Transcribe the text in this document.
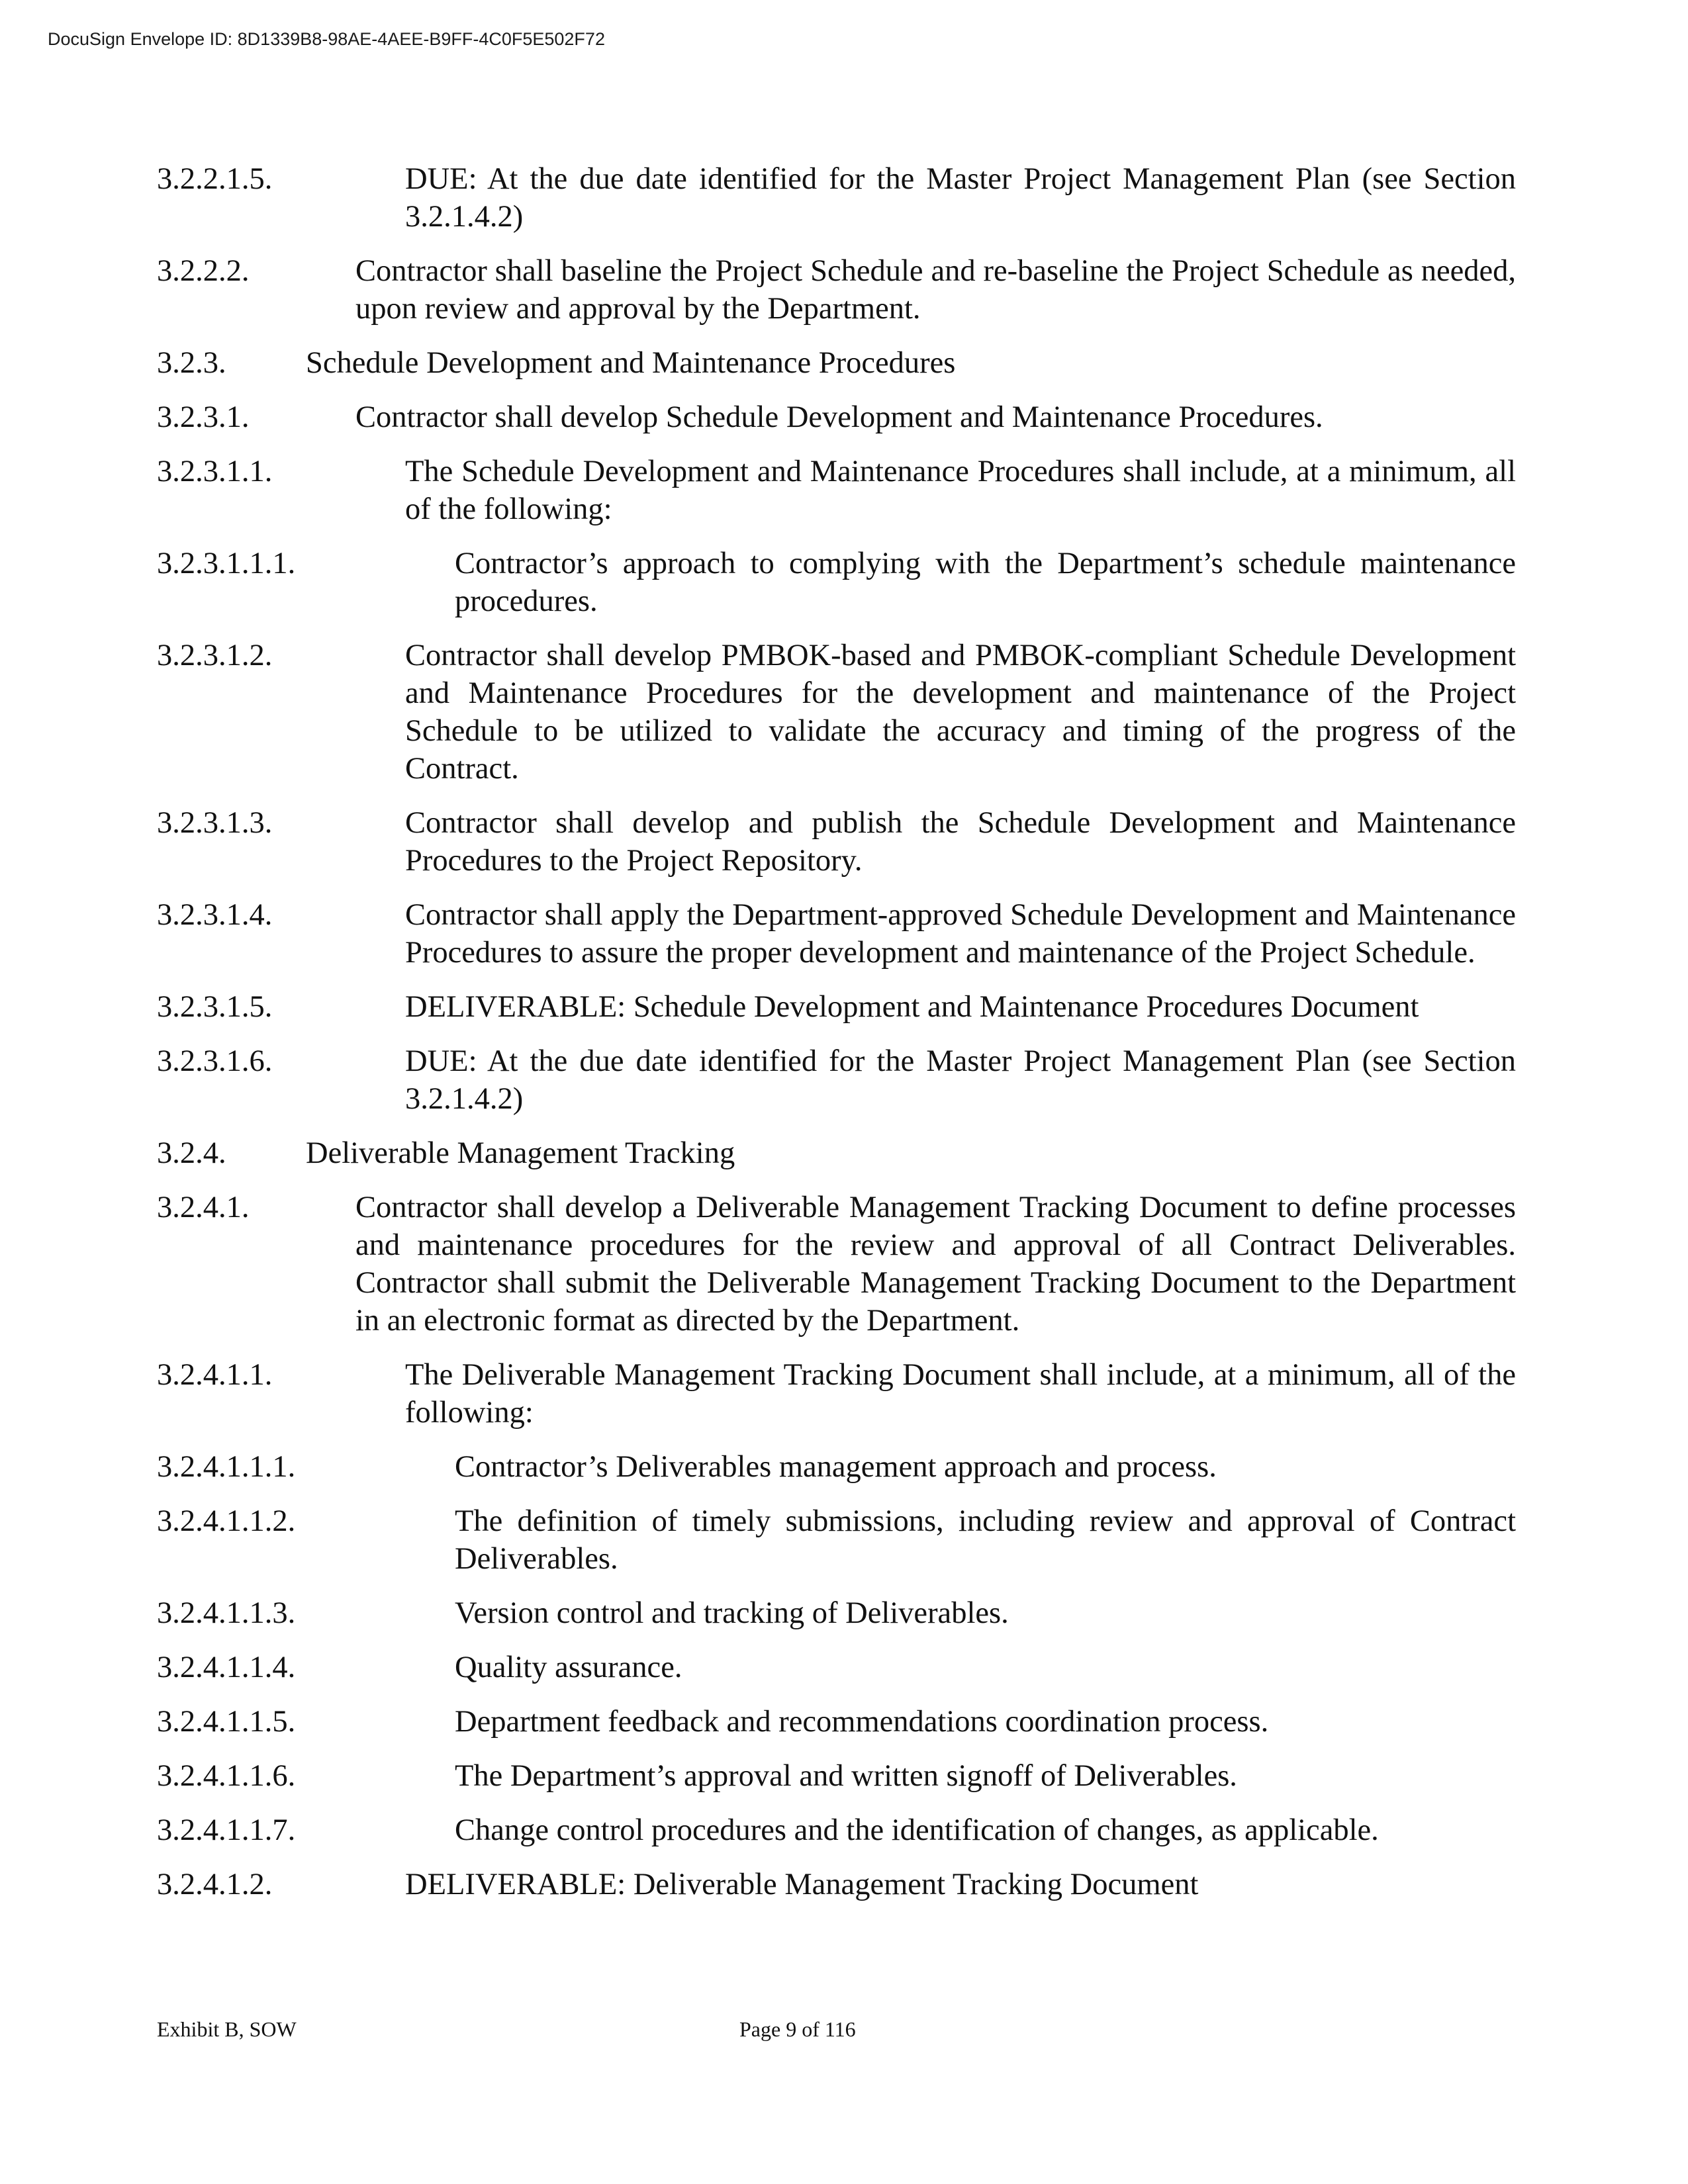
DocuSign Envelope ID: 8D1339B8-98AE-4AEE-B9FF-4C0F5E502F72
3.2.2.1.5.	DUE: At the due date identified for the Master Project Management Plan (see Section 3.2.1.4.2)
3.2.2.2.	Contractor shall baseline the Project Schedule and re-baseline the Project Schedule as needed, upon review and approval by the Department.
3.2.3.	Schedule Development and Maintenance Procedures
3.2.3.1.	Contractor shall develop Schedule Development and Maintenance Procedures.
3.2.3.1.1.	The Schedule Development and Maintenance Procedures shall include, at a minimum, all of the following:
3.2.3.1.1.1.	Contractor’s approach to complying with the Department’s schedule maintenance procedures.
3.2.3.1.2.	Contractor shall develop PMBOK-based and PMBOK-compliant Schedule Development and Maintenance Procedures for the development and maintenance of the Project Schedule to be utilized to validate the accuracy and timing of the progress of the Contract.
3.2.3.1.3.	Contractor shall develop and publish the Schedule Development and Maintenance Procedures to the Project Repository.
3.2.3.1.4.	Contractor shall apply the Department-approved Schedule Development and Maintenance Procedures to assure the proper development and maintenance of the Project Schedule.
3.2.3.1.5.	DELIVERABLE: Schedule Development and Maintenance Procedures Document
3.2.3.1.6.	DUE: At the due date identified for the Master Project Management Plan (see Section 3.2.1.4.2)
3.2.4.	Deliverable Management Tracking
3.2.4.1.	Contractor shall develop a Deliverable Management Tracking Document to define processes and maintenance procedures for the review and approval of all Contract Deliverables. Contractor shall submit the Deliverable Management Tracking Document to the Department in an electronic format as directed by the Department.
3.2.4.1.1.	The Deliverable Management Tracking Document shall include, at a minimum, all of the following:
3.2.4.1.1.1.	Contractor’s Deliverables management approach and process.
3.2.4.1.1.2.	The definition of timely submissions, including review and approval of Contract Deliverables.
3.2.4.1.1.3.	Version control and tracking of Deliverables.
3.2.4.1.1.4.	Quality assurance.
3.2.4.1.1.5.	Department feedback and recommendations coordination process.
3.2.4.1.1.6.	The Department’s approval and written signoff of Deliverables.
3.2.4.1.1.7.	Change control procedures and the identification of changes, as applicable.
3.2.4.1.2.	DELIVERABLE: Deliverable Management Tracking Document
Exhibit B, SOW	Page 9 of 116
